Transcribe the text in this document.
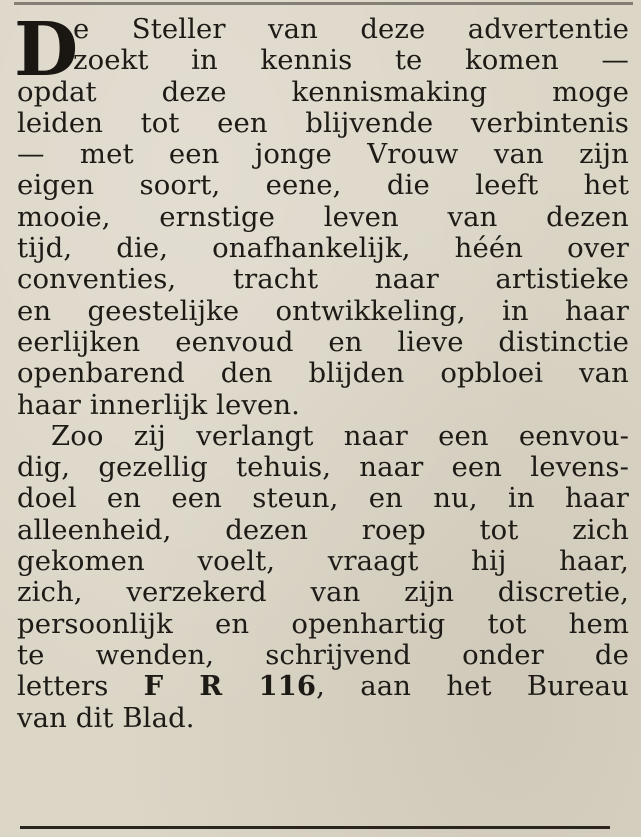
D
e Steller van deze advertentie
zoekt in kennis te komen —
opdat deze kennismaking moge
leiden tot een blijvende verbintenis
— met een jonge Vrouw van zijn
eigen soort, eene, die leeft het
mooie, ernstige leven van dezen
tijd, die, onafhankelijk, héén over
conventies, tracht naar artistieke
en geestelijke ontwikkeling, in haar
eerlijken eenvoud en lieve distinctie
openbarend den blijden opbloei van
haar innerlijk leven.
Zoo zij verlangt naar een eenvou-
dig, gezellig tehuis, naar een levens-
doel en een steun, en nu, in haar
alleenheid, dezen roep tot zich
gekomen voelt, vraagt hij haar,
zich, verzekerd van zijn discretie,
persoonlijk en openhartig tot hem
te wenden, schrijvend onder de
letters F R 116, aan het Bureau
van dit Blad.
